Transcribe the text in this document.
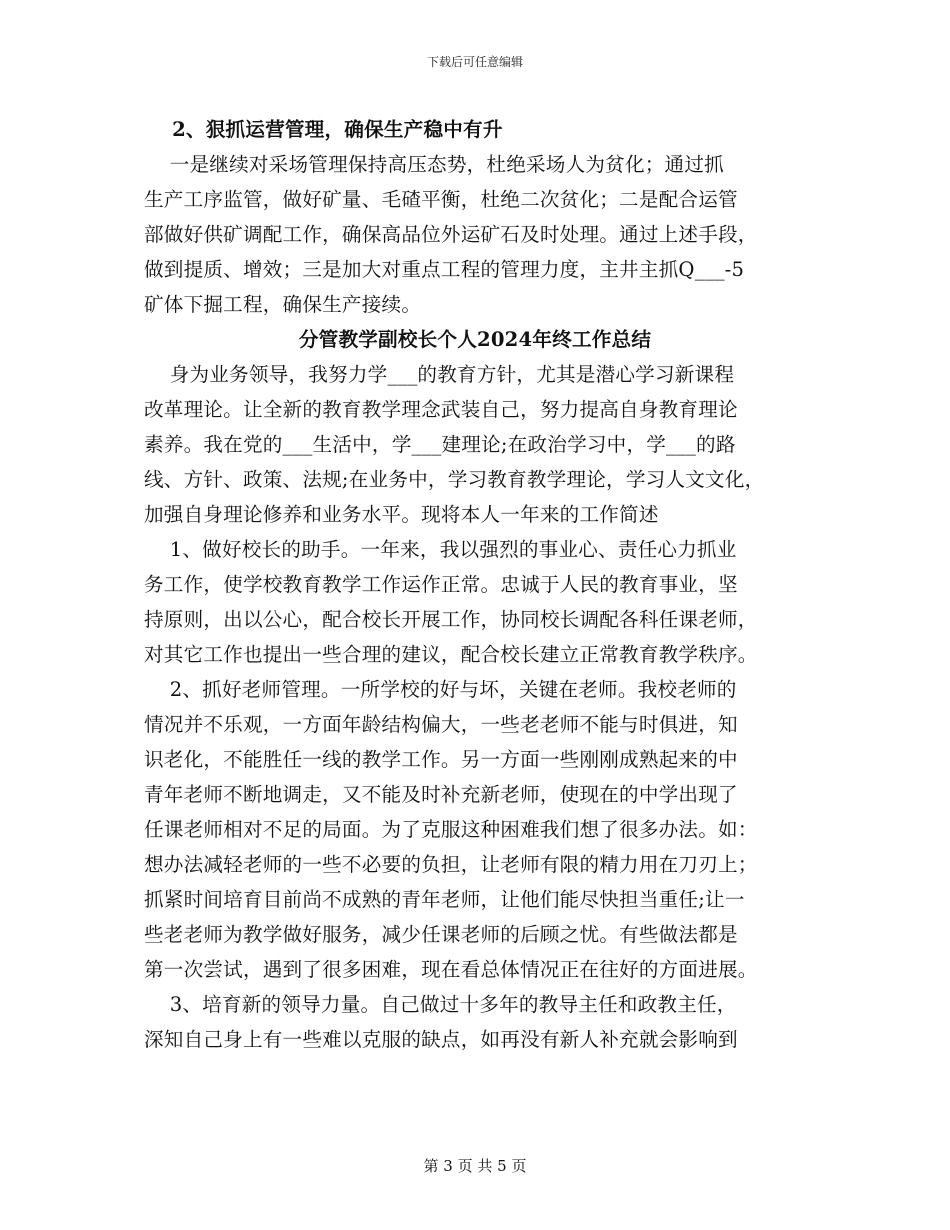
下载后可任意编辑
2、狠抓运营管理，确保生产稳中有升
一是继续对采场管理保持高压态势，杜绝采场人为贫化；通过抓
生产工序监管，做好矿量、毛碴平衡，杜绝二次贫化；二是配合运管
部做好供矿调配工作，确保高品位外运矿石及时处理。通过上述手段，
做到提质、增效；三是加大对重点工程的管理力度，主井主抓Q___-5
矿体下掘工程，确保生产接续。
分管教学副校长个人2024年终工作总结
身为业务领导，我努力学___的教育方针，尤其是潜心学习新课程
改革理论。让全新的教育教学理念武装自己，努力提高自身教育理论
素养。我在党的___生活中，学___建理论;在政治学习中，学___的路
线、方针、政策、法规;在业务中，学习教育教学理论，学习人文文化，
加强自身理论修养和业务水平。现将本人一年来的工作简述
1、做好校长的助手。一年来，我以强烈的事业心、责任心力抓业
务工作，使学校教育教学工作运作正常。忠诚于人民的教育事业，坚
持原则，出以公心，配合校长开展工作，协同校长调配各科任课老师，
对其它工作也提出一些合理的建议，配合校长建立正常教育教学秩序。
2、抓好老师管理。一所学校的好与坏，关键在老师。我校老师的
情况并不乐观，一方面年龄结构偏大，一些老老师不能与时俱进，知
识老化，不能胜任一线的教学工作。另一方面一些刚刚成熟起来的中
青年老师不断地调走，又不能及时补充新老师，使现在的中学出现了
任课老师相对不足的局面。为了克服这种困难我们想了很多办法。如：
想办法减轻老师的一些不必要的负担，让老师有限的精力用在刀刃上；
抓紧时间培育目前尚不成熟的青年老师，让他们能尽快担当重任;让一
些老老师为教学做好服务，减少任课老师的后顾之忧。有些做法都是
第一次尝试，遇到了很多困难，现在看总体情况正在往好的方面进展。
3、培育新的领导力量。自己做过十多年的教导主任和政教主任，
深知自己身上有一些难以克服的缺点，如再没有新人补充就会影响到
第 3 页 共 5 页
